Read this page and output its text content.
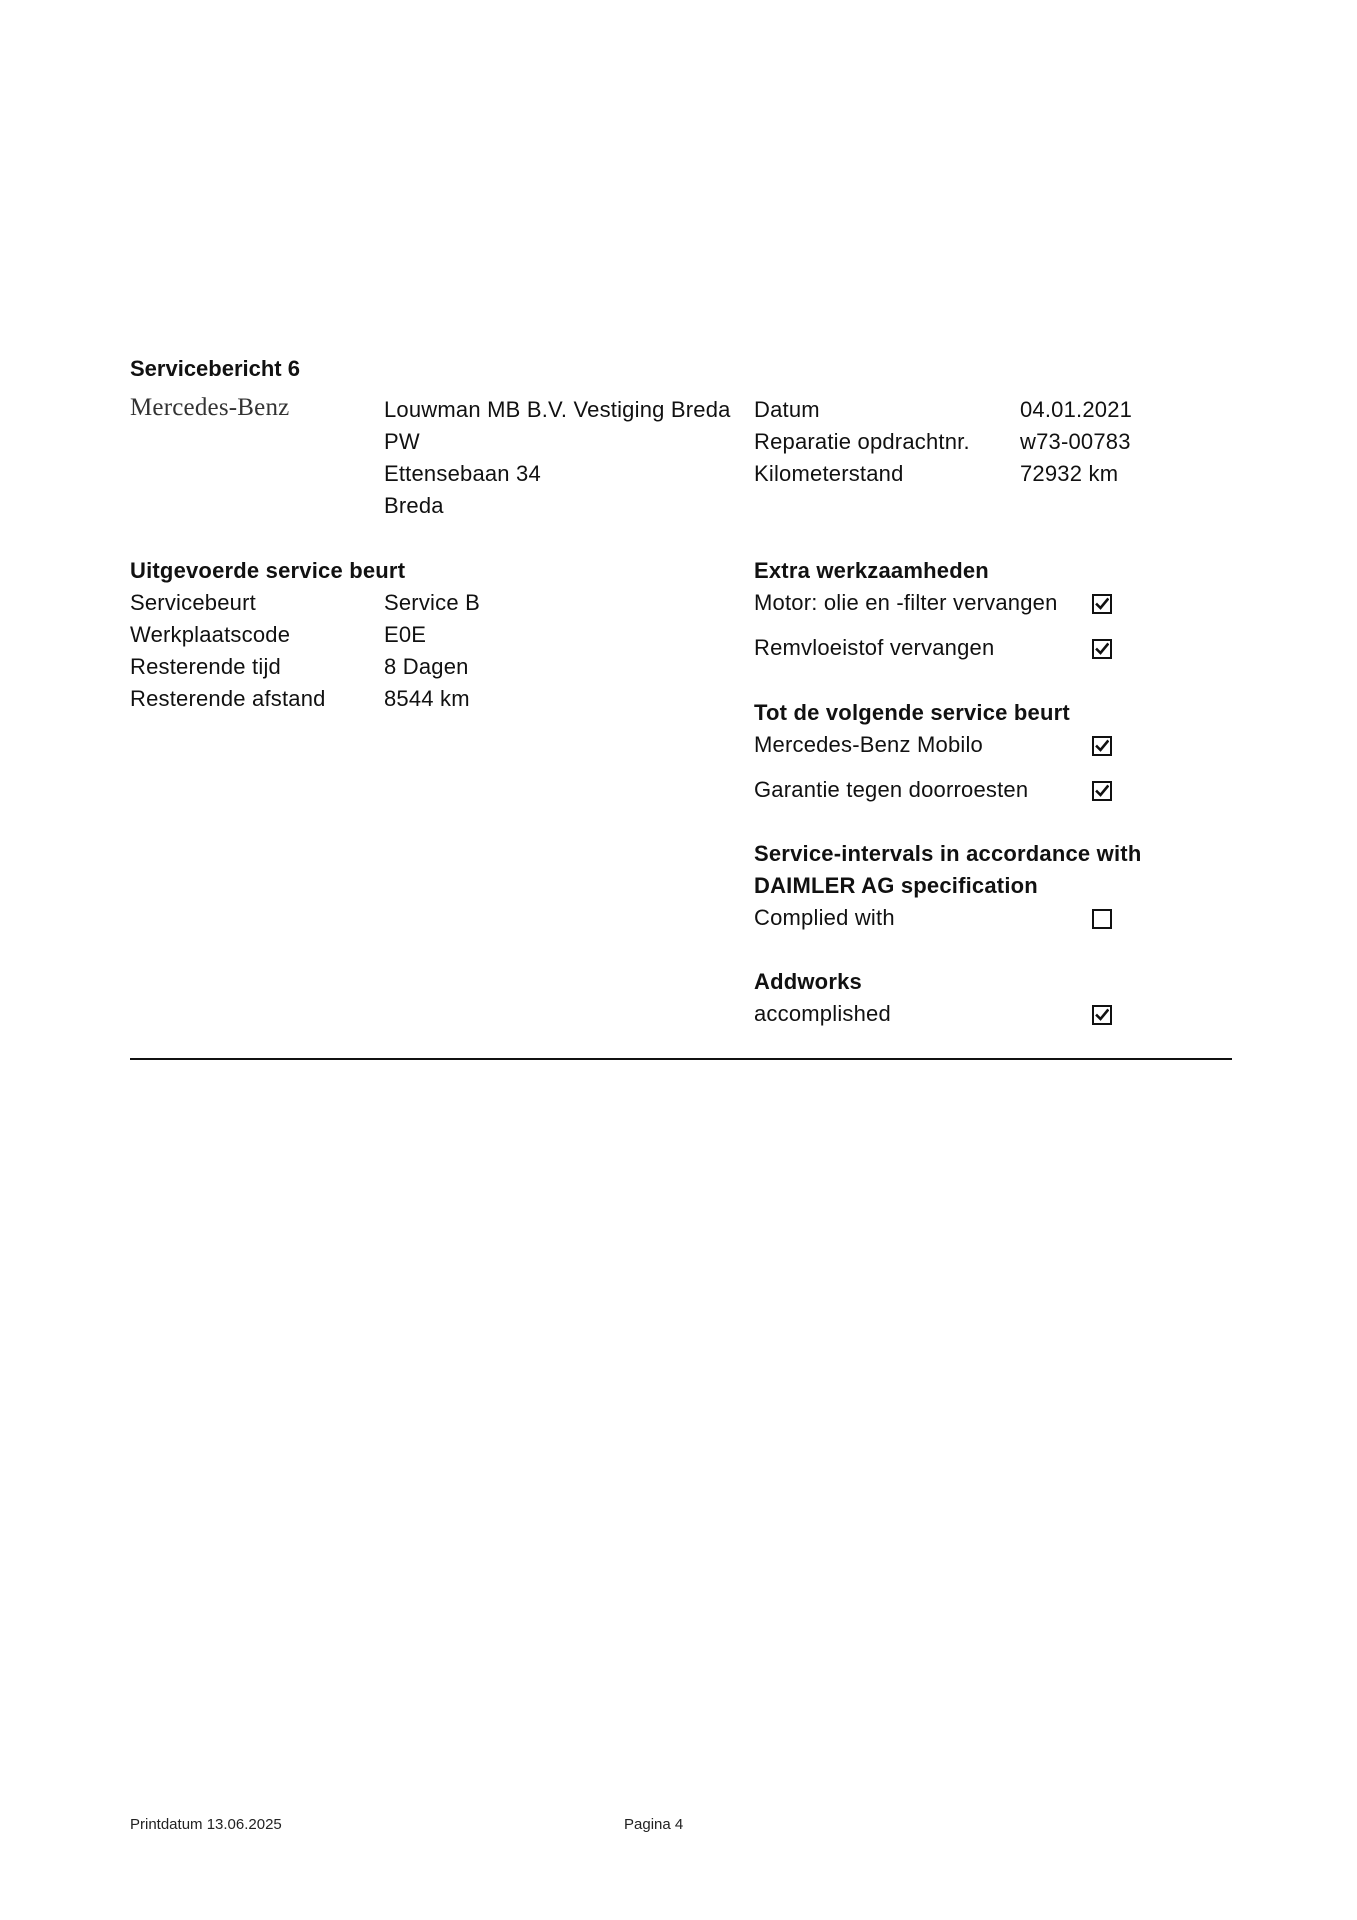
Servicebericht 6
Mercedes-Benz	Louwman MB B.V. Vestiging Breda
PW
Ettensebaan 34
Breda
Datum
Reparatie opdrachtnr.
Kilometerstand
04.01.2021
w73-00783
72932 km
Uitgevoerde service beurt
Servicebeurt
Werkplaatscode
Resterende tijd
Resterende afstand
Service B
E0E
8 Dagen
8544 km
Extra werkzaamheden
Motor: olie en -filter vervangen
Remvloeistof vervangen
Tot de volgende service beurt
Mercedes-Benz Mobilo
Garantie tegen doorroesten
Service-intervals in accordance with
DAIMLER AG specification
Complied with
Addworks
accomplished
Printdatum 13.06.2025	Pagina 4
